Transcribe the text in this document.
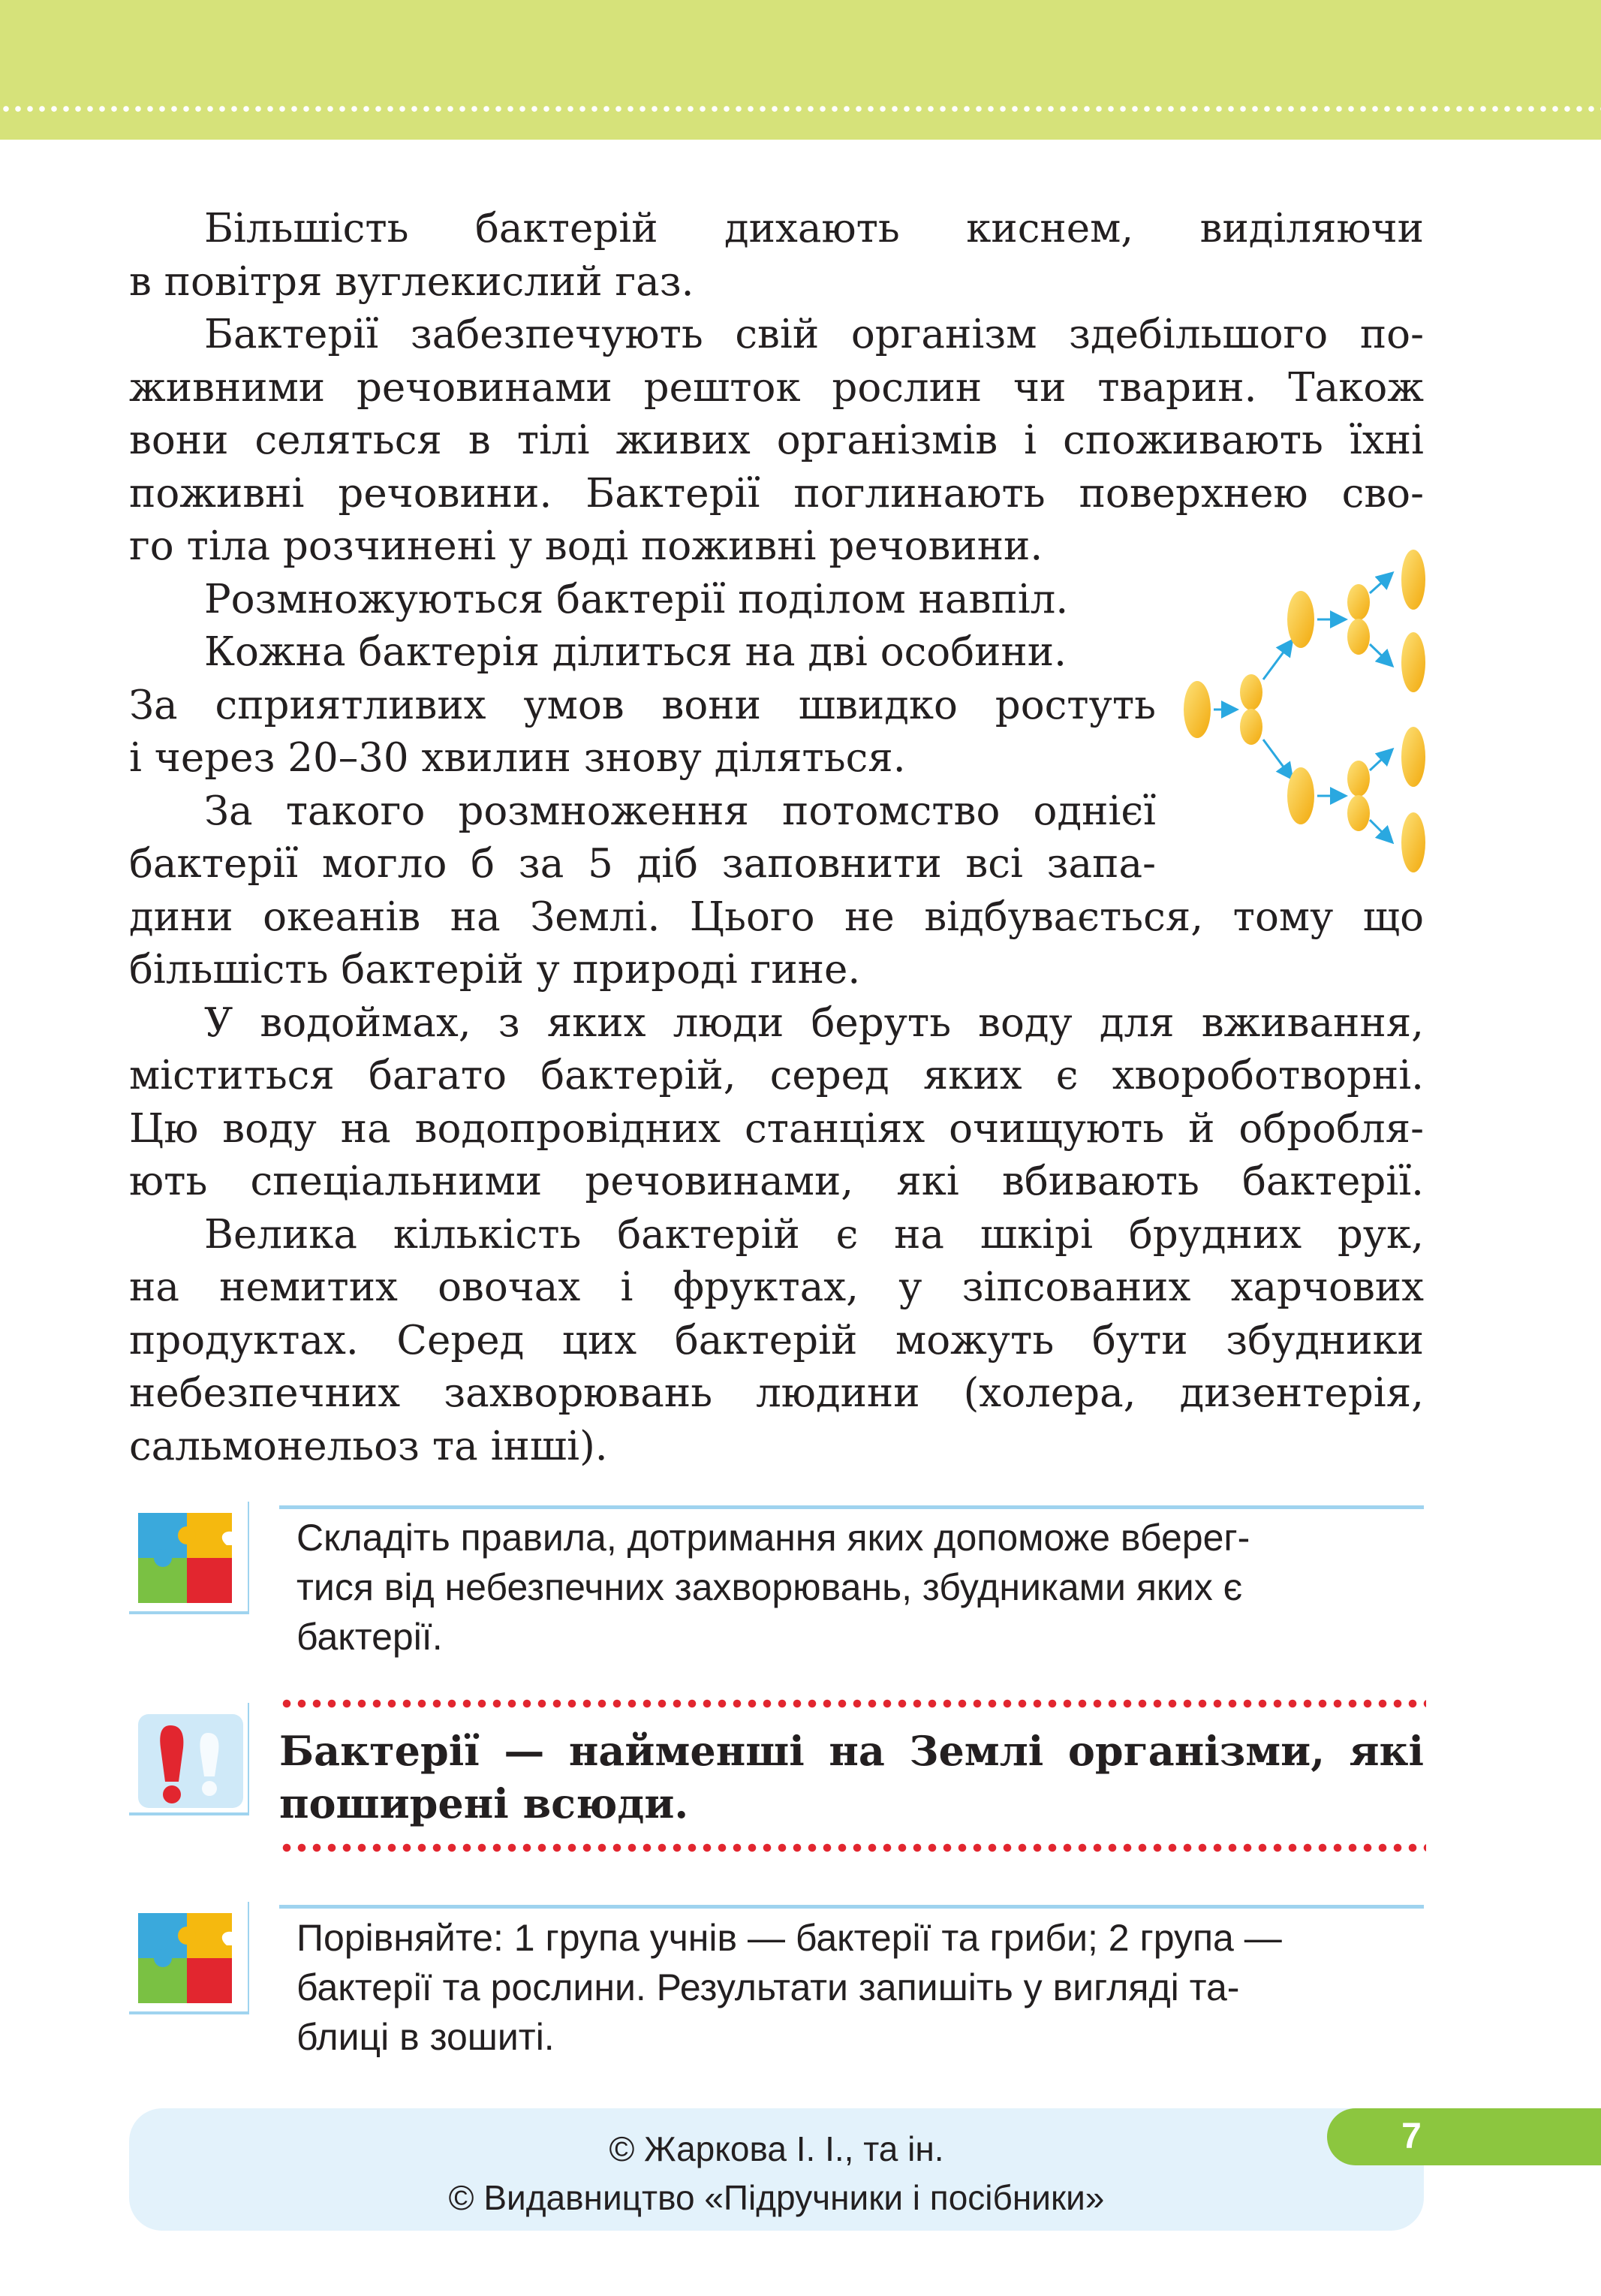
Більшість бактерій дихають киснем, виділяючи
в повітря вуглекислий газ.
Бактерії забезпечують свій організм здебільшого по-
живними речовинами решток рослин чи тварин. Також
вони селяться в тілі живих організмів і споживають їхні
поживні речовини. Бактерії поглинають поверхнею сво-
го тіла розчинені у воді поживні речовини.
Розмножуються бактерії поділом навпіл.
Кожна бактерія ділиться на дві особини.
За сприятливих умов вони швидко ростуть
і через 20–30 хвилин знову діляться.
За такого розмноження потомство однієї
бактерії могло б за 5 діб заповнити всі запа-
дини океанів на Землі. Цього не відбувається, тому що
більшість бактерій у природі гине.
У водоймах, з яких люди беруть воду для вживання,
міститься багато бактерій, серед яких є хвороботворні.
Цю воду на водопровідних станціях очищують й обробля-
ють спеціальними речовинами, які вбивають бактерії.
Велика кількість бактерій є на шкірі брудних рук,
на немитих овочах і фруктах, у зіпсованих харчових
продуктах. Серед цих бактерій можуть бути збудники
небезпечних захворювань людини (холера, дизентерія,
сальмонельоз та інші).
Складіть правила, дотримання яких допоможе вберег-
тися від небезпечних захворювань, збудниками яких є
бактерії.
Бактерії — найменші на Землі організми, які
поширені всюди.
Порівняйте: 1 група учнів — бактерії та гриби; 2 група —
бактерії та рослини. Результати запишіть у вигляді та-
блиці в зошиті.
© Жаркова І. І., та ін.
© Видавництво «Підручники і посібники»
7
